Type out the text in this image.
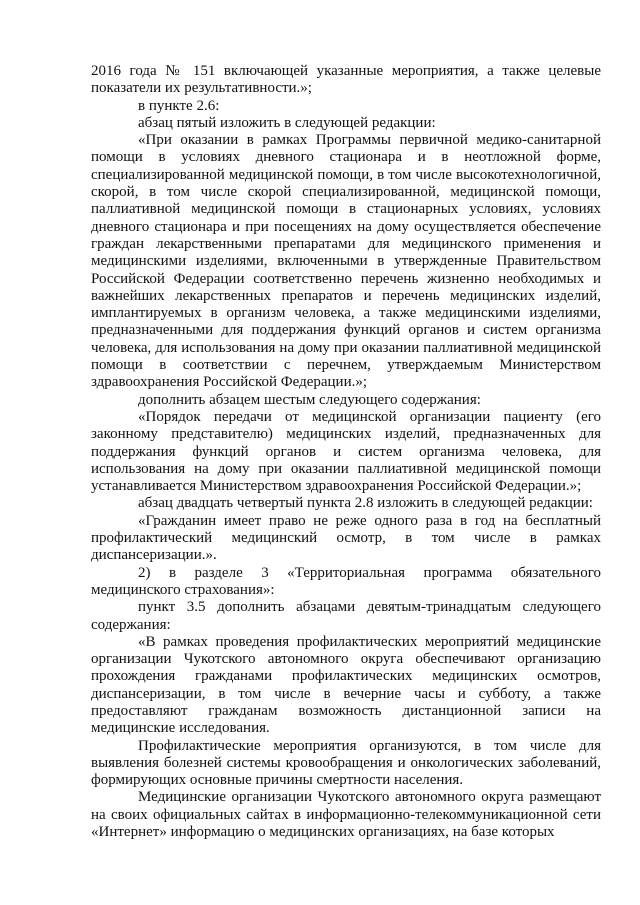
2016 года № 151 включающей указанные мероприятия, а также целевые показатели их результативности.»;

в пункте 2.6:

абзац пятый изложить в следующей редакции:

«При оказании в рамках Программы первичной медико-санитарной помощи в условиях дневного стационара и в неотложной форме, специализированной медицинской помощи, в том числе высокотехнологичной, скорой, в том числе скорой специализированной, медицинской помощи, паллиативной медицинской помощи в стационарных условиях, условиях дневного стационара и при посещениях на дому осуществляется обеспечение граждан лекарственными препаратами для медицинского применения и медицинскими изделиями, включенными в утвержденные Правительством Российской Федерации соответственно перечень жизненно необходимых и важнейших лекарственных препаратов и перечень медицинских изделий, имплантируемых в организм человека, а также медицинскими изделиями, предназначенными для поддержания функций органов и систем организма человека, для использования на дому при оказании паллиативной медицинской помощи в соответствии с перечнем, утверждаемым Министерством здравоохранения Российской Федерации.»;

дополнить абзацем шестым следующего содержания:

«Порядок передачи от медицинской организации пациенту (его законному представителю) медицинских изделий, предназначенных для поддержания функций органов и систем организма человека, для использования на дому при оказании паллиативной медицинской помощи устанавливается Министерством здравоохранения Российской Федерации.»;

абзац двадцать четвертый пункта 2.8 изложить в следующей редакции:

«Гражданин имеет право не реже одного раза в год на бесплатный профилактический медицинский осмотр, в том числе в рамках диспансеризации.».

2) в разделе 3 «Территориальная программа обязательного медицинского страхования»:

пункт 3.5 дополнить абзацами девятым-тринадцатым следующего содержания:

«В рамках проведения профилактических мероприятий медицинские организации Чукотского автономного округа обеспечивают организацию прохождения гражданами профилактических медицинских осмотров, диспансеризации, в том числе в вечерние часы и субботу, а также предоставляют гражданам возможность дистанционной записи на медицинские исследования.

Профилактические мероприятия организуются, в том числе для выявления болезней системы кровообращения и онкологических заболеваний, формирующих основные причины смертности населения.

Медицинские организации Чукотского автономного округа размещают на своих официальных сайтах в информационно-телекоммуникационной сети «Интернет» информацию о медицинских организациях, на базе которых
